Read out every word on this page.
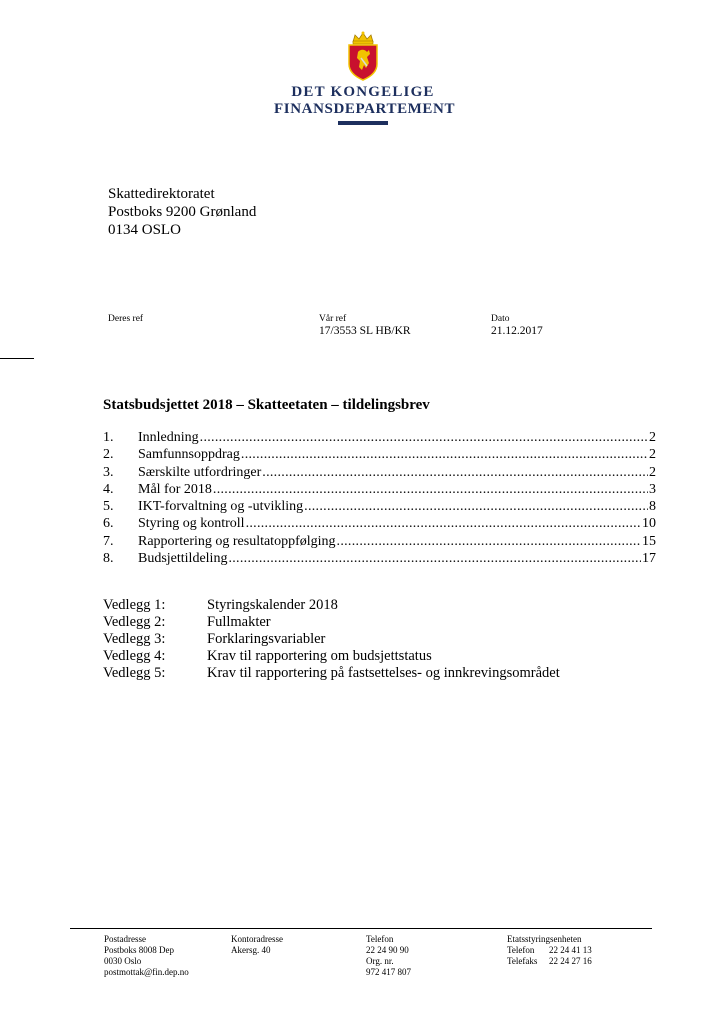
DET KONGELIGE
FINANSDEPARTEMENT
Skattedirektoratet
Postboks 9200 Grønland
0134 OSLO
Deres ref	Vår ref
17/3553 SL HB/KR
Dato
21.12.2017
Statsbudsjettet 2018 – Skatteetaten – tildelingsbrev
1.	Innledning .....	2
2.	Samfunnsoppdrag .....	2
3.	Særskilte utfordringer .....	2
4.	Mål for 2018 .....	3
5.	IKT-forvaltning og -utvikling .....	8
6.	Styring og kontroll .....	10
7.	Rapportering og resultatoppfølging .....	15
8.	Budsjettildeling .....	17
Vedlegg 1:	Styringskalender 2018
Vedlegg 2:	Fullmakter
Vedlegg 3:	Forklaringsvariabler
Vedlegg 4:	Krav til rapportering om budsjettstatus
Vedlegg 5:	Krav til rapportering på fastsettelses- og innkrevingsområdet
Postadresse
Postboks 8008 Dep
0030 Oslo
postmottak@fin.dep.no
Kontoradresse
Akersg. 40
Telefon
22 24 90 90
Org. nr.
972 417 807
Etatsstyringsenheten
Telefon	22 24 41 13
Telefaks	22 24 27 16
